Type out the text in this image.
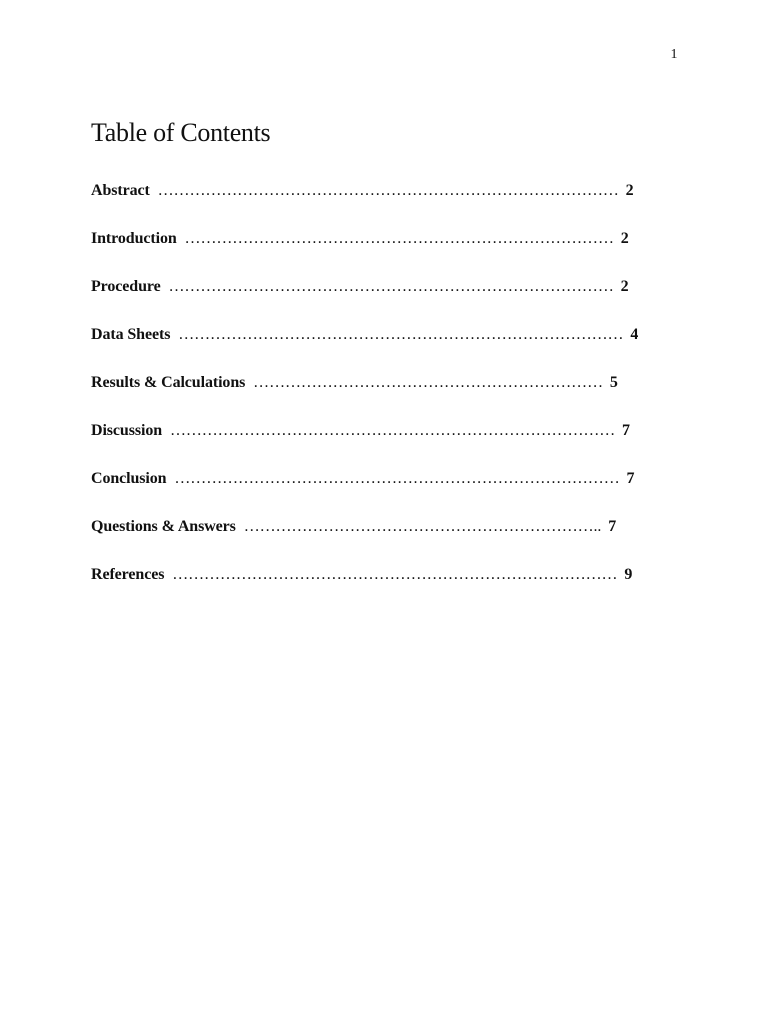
1
Table of Contents
Abstract …………………………………………………………………………… 2
Introduction ……………………………………………………………………… 2
Procedure ………………………………………………………………………… 2
Data Sheets ………………………………………………………………………… 4
Results & Calculations ………………………………………………………… 5
Discussion ………………………………………………………………………… 7
Conclusion ………………………………………………………………………… 7
Questions & Answers ………………………………………………………….. 7
References ………………………………………………………………………… 9
